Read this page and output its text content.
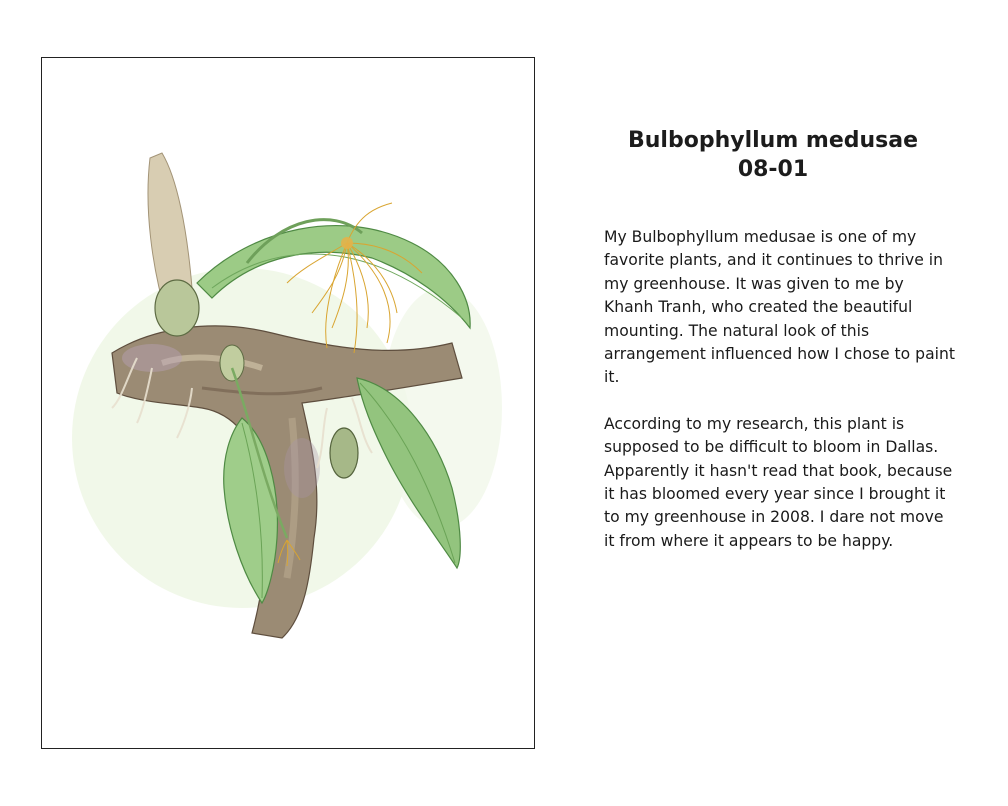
Bulbophyllum medusae
08-01

My Bulbophyllum medusae is one of my favorite plants, and it continues to thrive in my greenhouse. It was given to me by Khanh Tranh, who created the beautiful mounting. The natural look of this arrangement influenced how I chose to paint it.

According to my research, this plant is supposed to be difficult to bloom in Dallas. Apparently it hasn't read that book, because it has bloomed every year since I brought it to my greenhouse in 2008. I dare not move it from where it appears to be happy.
